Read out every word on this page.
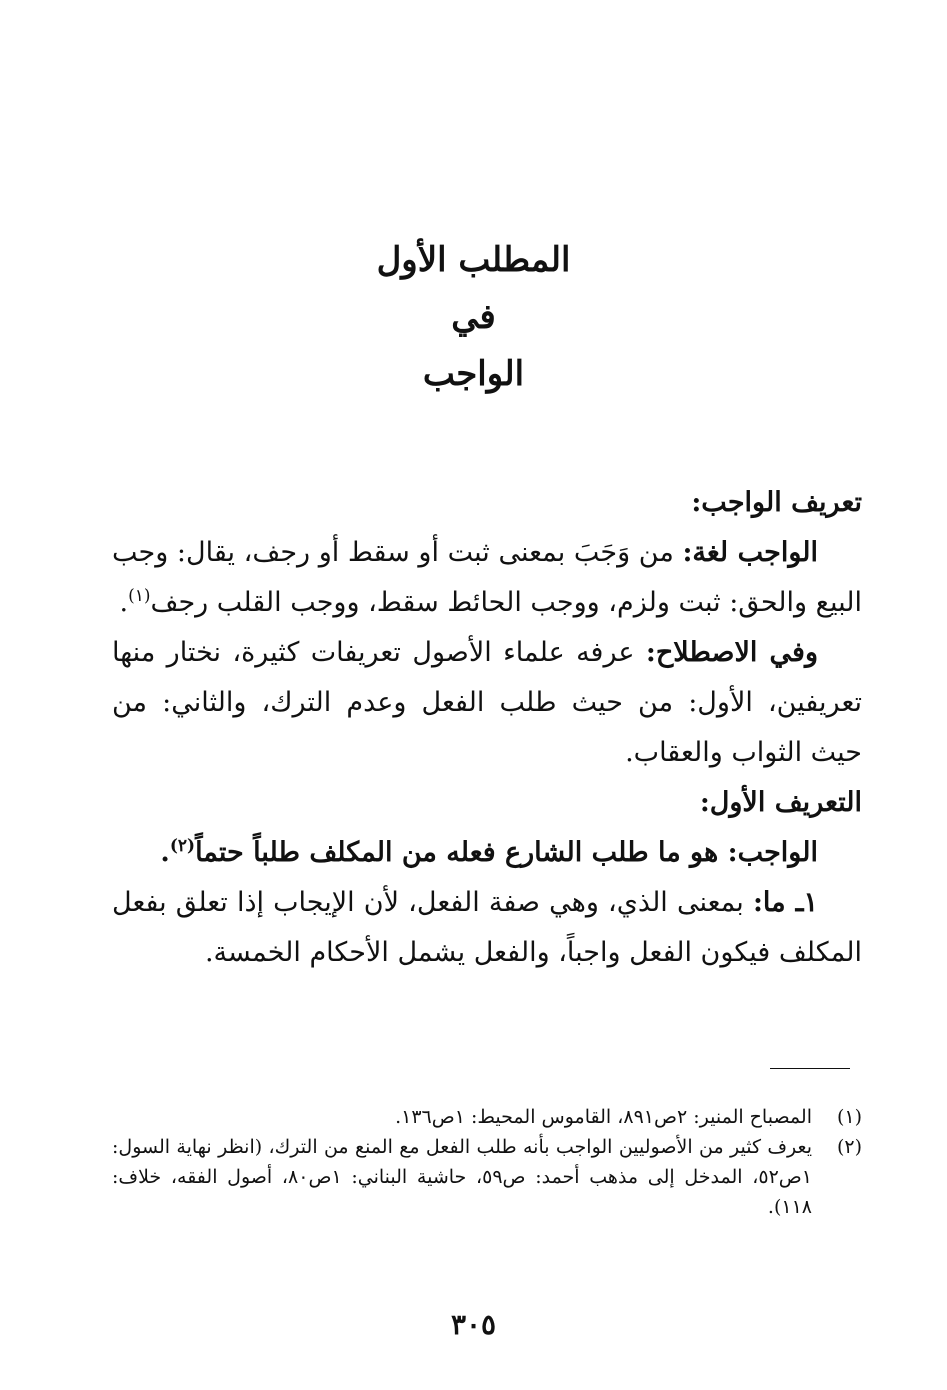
المطلب الأول

في

الواجب

تعريف الواجب:

الواجب لغة: من وَجَبَ بمعنى ثبت أو سقط أو رجف، يقال: وجب البيع والحق: ثبت ولزم، ووجب الحائط سقط، ووجب القلب رجف$^{(١)}$.

وفي الاصطلاح: عرفه علماء الأصول تعريفات كثيرة، نختار منها تعريفين، الأول: من حيث طلب الفعل وعدم الترك، والثاني: من حيث الثواب والعقاب.

التعريف الأول:

الواجب: هو ما طلب الشارع فعله من المكلف طلباً حتماً$^{(٢)}$.

١ـ ما: بمعنى الذي، وهي صفة الفعل، لأن الإيجاب إذا تعلق بفعل المكلف فيكون الفعل واجباً، والفعل يشمل الأحكام الخمسة.

(١)
المصباح المنير: ٢ص٨٩١، القاموس المحيط: ١ص١٣٦.
(٢)
يعرف كثير من الأصوليين الواجب بأنه طلب الفعل مع المنع من الترك، (انظر نهاية السول: ١ص٥٢، المدخل إلى مذهب أحمد: ص٥٩، حاشية البناني: ١ص٨٠، أصول الفقه، خلاف: ١١٨).
٣٠٥
